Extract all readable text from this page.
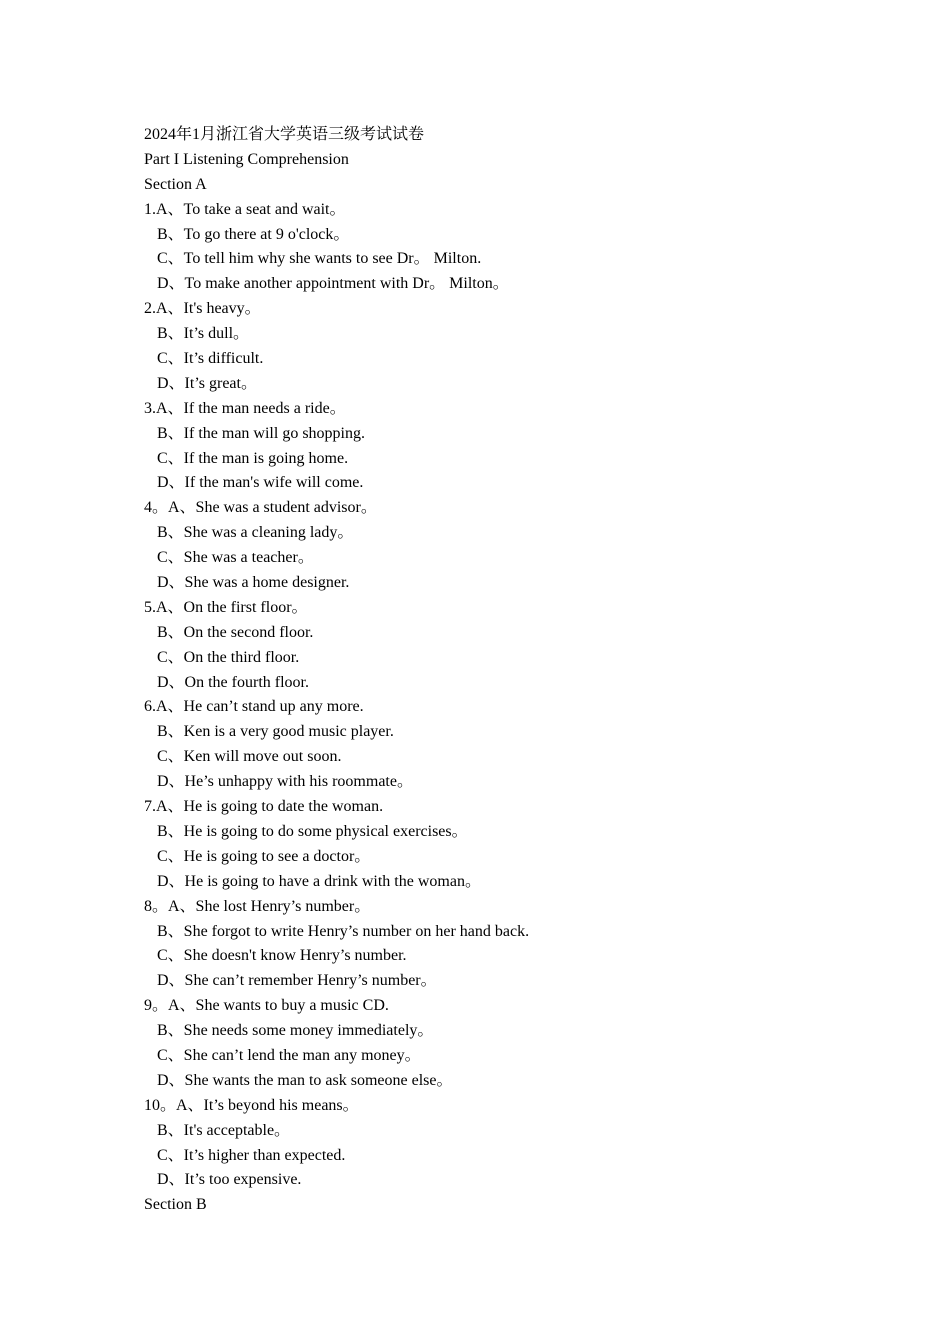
2024年1月浙江省大学英语三级考试试卷
Part I Listening Comprehension
Section A
1.A、To take a seat and wait。
B、To go there at 9 o'clock。
C、To tell him why she wants to see Dr。 Milton.
D、To make another appointment with Dr。 Milton。
2.A、It's heavy。
B、It’s dull。
C、It’s difficult.
D、It’s great。
3.A、If the man needs a ride。
B、If the man will go shopping.
C、If the man is going home.
D、If the man's wife will come.
4。A、She was a student advisor。
B、She was a cleaning lady。
C、She was a teacher。
D、She was a home designer.
5.A、On the first floor。
B、On the second floor.
C、On the third floor.
D、On the fourth floor.
6.A、He can’t stand up any more.
B、Ken is a very good music player.
C、Ken will move out soon.
D、He’s unhappy with his roommate。
7.A、He is going to date the woman.
B、He is going to do some physical exercises。
C、He is going to see a doctor。
D、He is going to have a drink with the woman。
8。A、She lost Henry’s number。
B、She forgot to write Henry’s number on her hand back.
C、She doesn't know Henry’s number.
D、She can’t remember Henry’s number。
9。A、She wants to buy a music CD.
B、She needs some money immediately。
C、She can’t lend the man any money。
D、She wants the man to ask someone else。
10。A、It’s beyond his means。
B、It's acceptable。
C、It’s higher than expected.
D、It’s too expensive.
Section B
